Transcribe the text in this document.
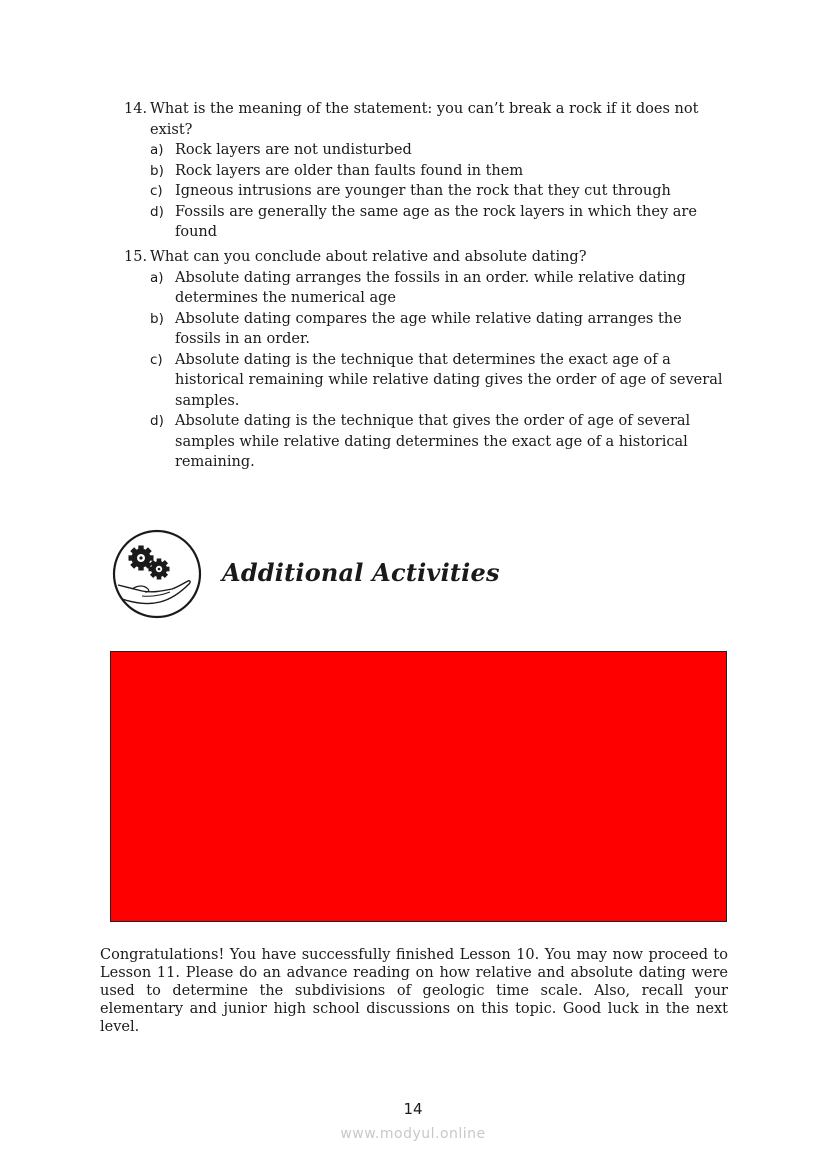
14. What is the meaning of the statement: you can’t break a rock if it does not exist?
a) Rock layers are not undisturbed
b) Rock layers are older than faults found in them
c) Igneous intrusions are younger than the rock that they cut through
d) Fossils are generally the same age as the rock layers in which they are found
15. What can you conclude about relative and absolute dating?
a) Absolute dating arranges the fossils in an order. while relative dating determines the numerical age
b) Absolute dating compares the age while relative dating arranges the fossils in an order.
c) Absolute dating is the technique that determines the exact age of a historical remaining while relative dating gives the order of age of several samples.
d) Absolute dating is the technique that gives the order of age of several samples while relative dating determines the exact age of a historical remaining.
Additional Activities
Congratulations! You have successfully finished Lesson 10. You may now proceed to Lesson 11. Please do an advance reading on how relative and absolute dating were used to determine the subdivisions of geologic time scale. Also, recall your elementary and junior high school discussions on this topic. Good luck in the next level.
14
www.modyul.online
